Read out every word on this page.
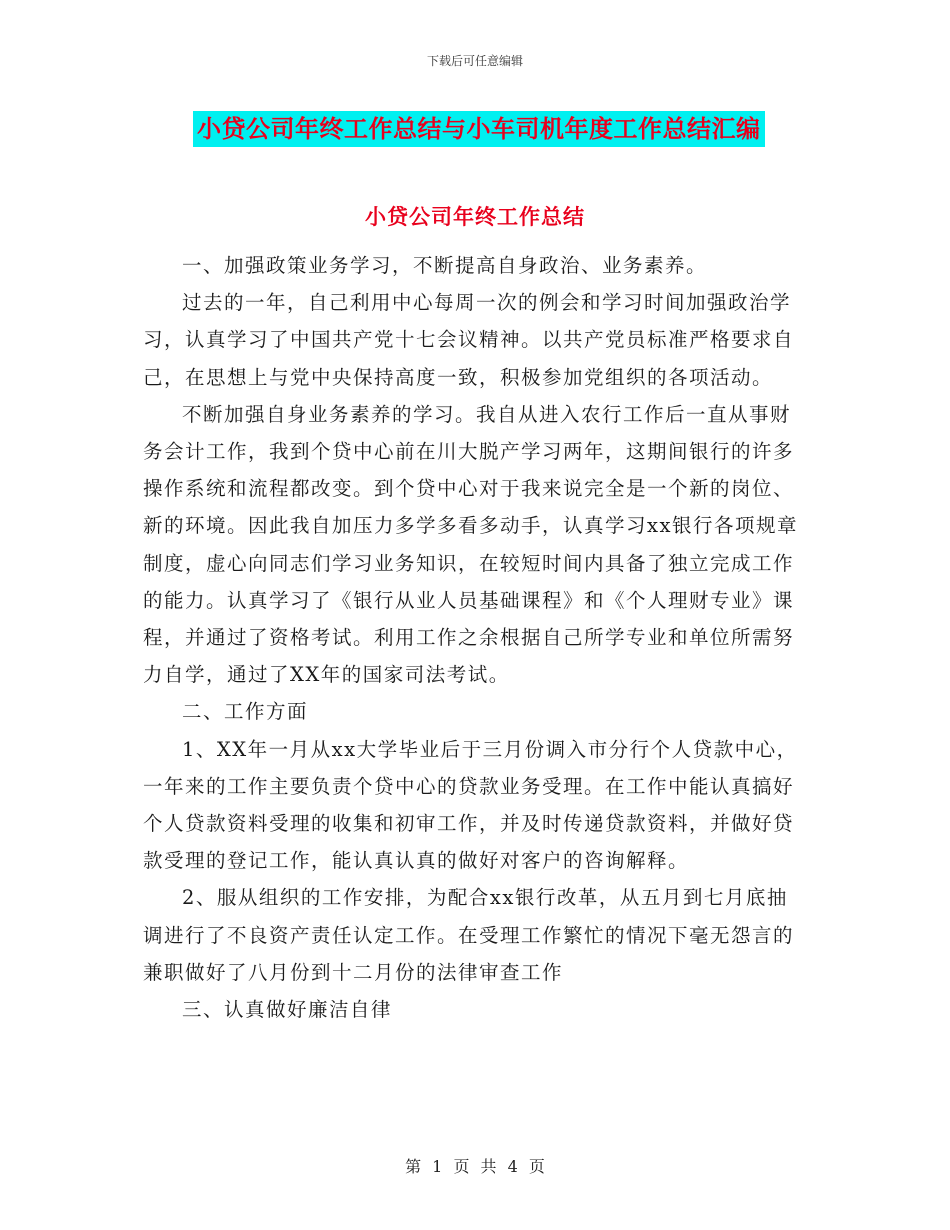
下载后可任意编辑
小贷公司年终工作总结与小车司机年度工作总结汇编
小贷公司年终工作总结

一、加强政策业务学习，不断提高自身政治、业务素养。

过去的一年，自己利用中心每周一次的例会和学习时间加强政治学习，认真学习了中国共产党十七会议精神。以共产党员标准严格要求自己，在思想上与党中央保持高度一致，积极参加党组织的各项活动。

不断加强自身业务素养的学习。我自从进入农行工作后一直从事财务会计工作，我到个贷中心前在川大脱产学习两年，这期间银行的许多操作系统和流程都改变。到个贷中心对于我来说完全是一个新的岗位、新的环境。因此我自加压力多学多看多动手，认真学习xx银行各项规章制度，虚心向同志们学习业务知识，在较短时间内具备了独立完成工作的能力。认真学习了《银行从业人员基础课程》和《个人理财专业》课程，并通过了资格考试。利用工作之余根据自己所学专业和单位所需努力自学，通过了XX年的国家司法考试。

二、工作方面

1、XX年一月从xx大学毕业后于三月份调入市分行个人贷款中心，一年来的工作主要负责个贷中心的贷款业务受理。在工作中能认真搞好个人贷款资料受理的收集和初审工作，并及时传递贷款资料，并做好贷款受理的登记工作，能认真认真的做好对客户的咨询解释。

2、服从组织的工作安排，为配合xx银行改革，从五月到七月底抽调进行了不良资产责任认定工作。在受理工作繁忙的情况下毫无怨言的兼职做好了八月份到十二月份的法律审查工作

三、认真做好廉洁自律

第 1 页 共 4 页
